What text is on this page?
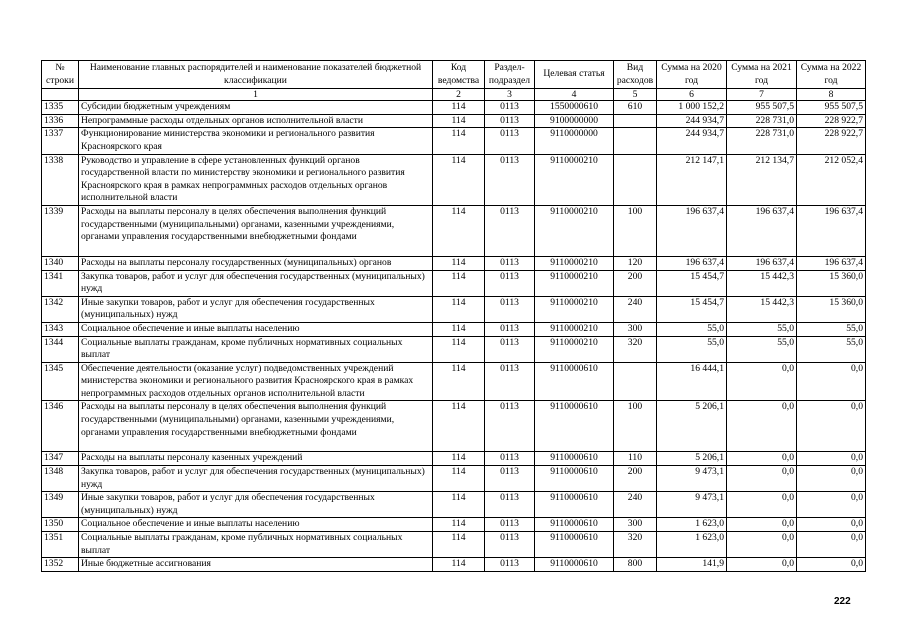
№ строки	Наименование главных распорядителей и наименование показателей бюджетной классификации	Код ведомства	Раздел- подраздел	Целевая статья	Вид расходов	Сумма на 2020 год	Сумма на 2021 год	Сумма на 2022 год
	1	2	3	4	5	6	7	8
1335	Субсидии бюджетным учреждениям	114	0113	1550000610	610	1 000 152,2	955 507,5	955 507,5
1336	Непрограммные расходы отдельных органов исполнительной власти	114	0113	9100000000		244 934,7	228 731,0	228 922,7
1337	Функционирование министерства экономики и регионального развития Красноярского края	114	0113	9110000000		244 934,7	228 731,0	228 922,7
1338	Руководство и управление в сфере установленных функций органов государственной власти по министерству экономики и регионального развития Красноярского края в рамках непрограммных расходов отдельных органов исполнительной власти	114	0113	9110000210		212 147,1	212 134,7	212 052,4
1339	Расходы на выплаты персоналу в целях обеспечения выполнения функций государственными (муниципальными) органами, казенными учреждениями, органами управления государственными внебюджетными фондами	114	0113	9110000210	100	196 637,4	196 637,4	196 637,4
1340	Расходы на выплаты персоналу государственных (муниципальных) органов	114	0113	9110000210	120	196 637,4	196 637,4	196 637,4
1341	Закупка товаров, работ и услуг для обеспечения государственных (муниципальных) нужд	114	0113	9110000210	200	15 454,7	15 442,3	15 360,0
1342	Иные закупки товаров, работ и услуг для обеспечения государственных (муниципальных) нужд	114	0113	9110000210	240	15 454,7	15 442,3	15 360,0
1343	Социальное обеспечение и иные выплаты населению	114	0113	9110000210	300	55,0	55,0	55,0
1344	Социальные выплаты гражданам, кроме публичных нормативных социальных выплат	114	0113	9110000210	320	55,0	55,0	55,0
1345	Обеспечение деятельности (оказание услуг) подведомственных учреждений министерства экономики и регионального развития Красноярского края в рамках непрограммных расходов отдельных органов исполнительной власти	114	0113	9110000610		16 444,1	0,0	0,0
1346	Расходы на выплаты персоналу в целях обеспечения выполнения функций государственными (муниципальными) органами, казенными учреждениями, органами управления государственными внебюджетными фондами	114	0113	9110000610	100	5 206,1	0,0	0,0
1347	Расходы на выплаты персоналу казенных учреждений	114	0113	9110000610	110	5 206,1	0,0	0,0
1348	Закупка товаров, работ и услуг для обеспечения государственных (муниципальных) нужд	114	0113	9110000610	200	9 473,1	0,0	0,0
1349	Иные закупки товаров, работ и услуг для обеспечения государственных (муниципальных) нужд	114	0113	9110000610	240	9 473,1	0,0	0,0
1350	Социальное обеспечение и иные выплаты населению	114	0113	9110000610	300	1 623,0	0,0	0,0
1351	Социальные выплаты гражданам, кроме публичных нормативных социальных выплат	114	0113	9110000610	320	1 623,0	0,0	0,0
1352	Иные бюджетные ассигнования	114	0113	9110000610	800	141,9	0,0	0,0
222
